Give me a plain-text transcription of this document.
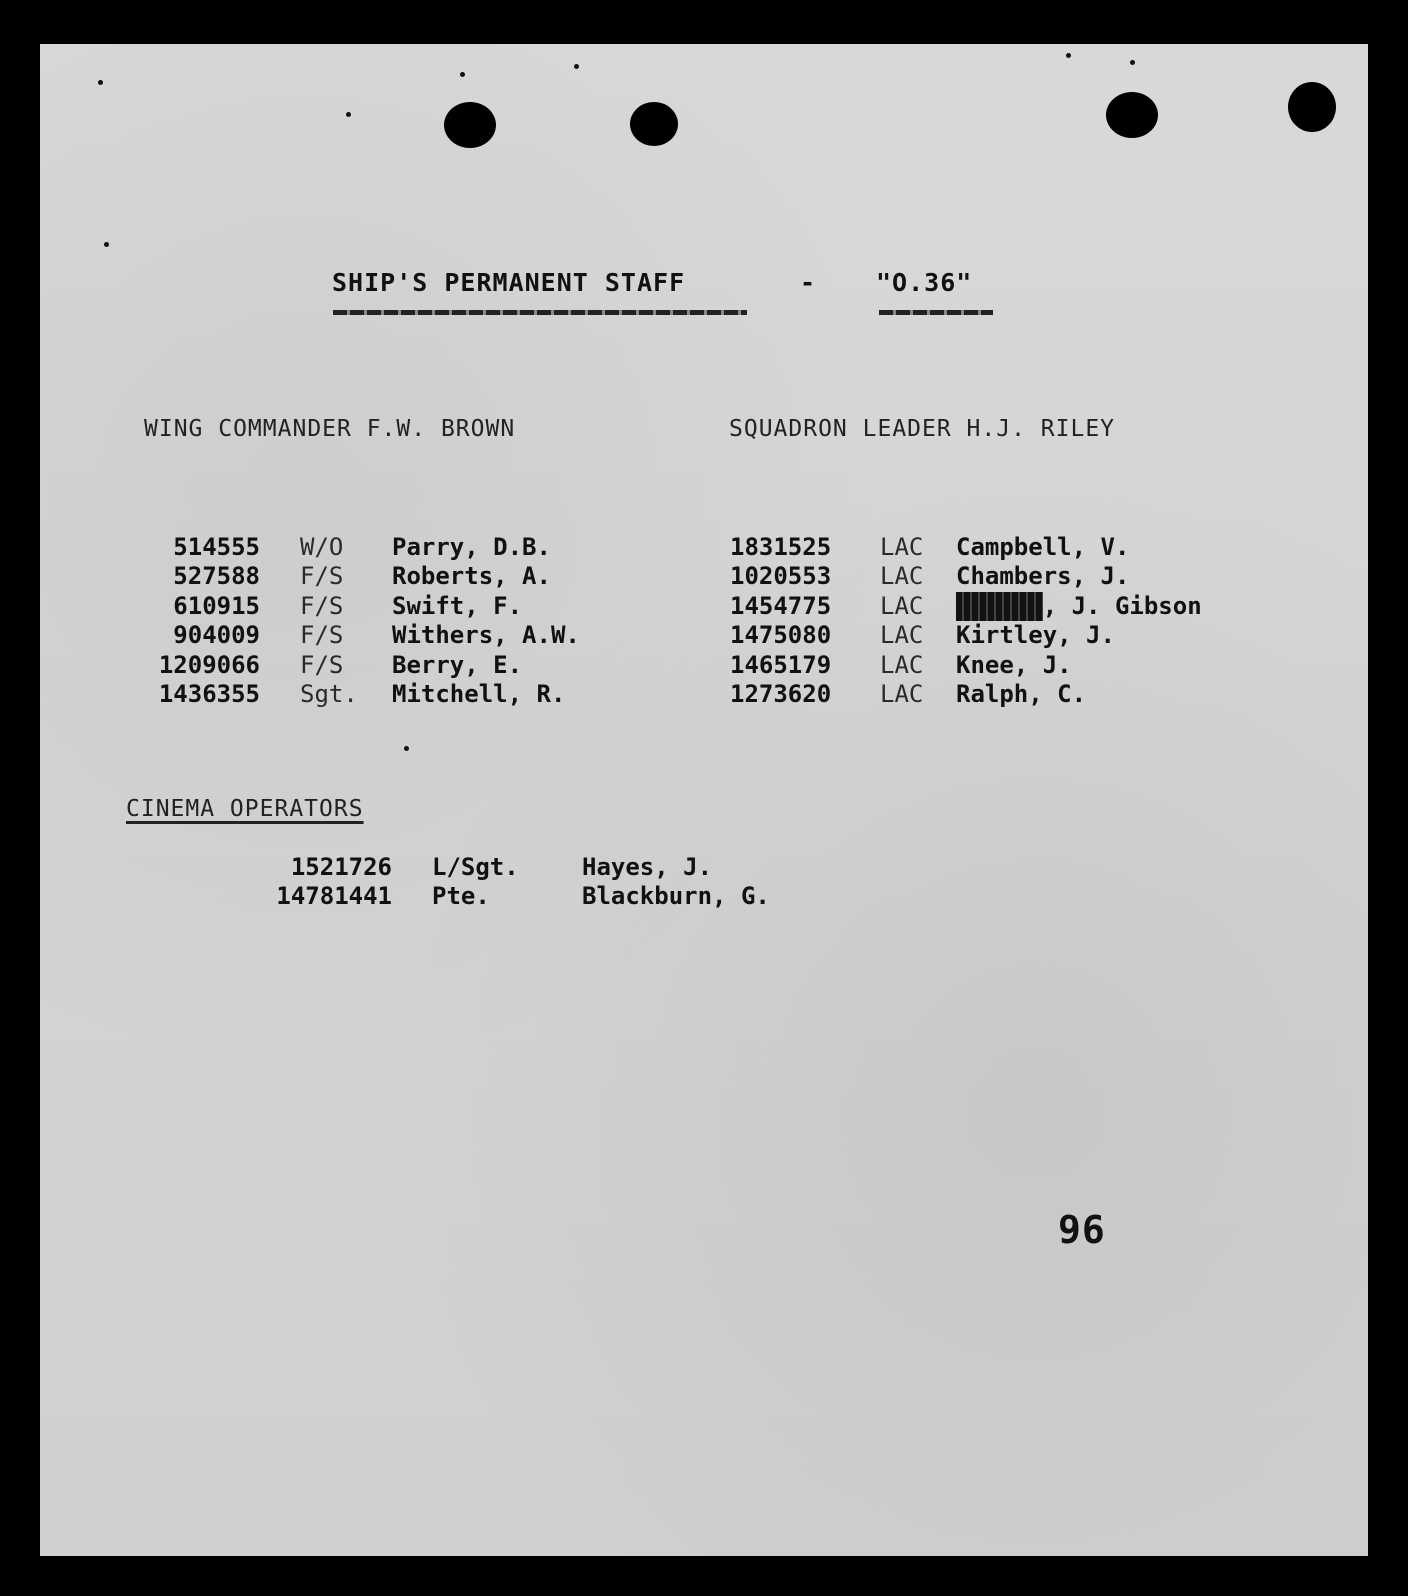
SHIP'S PERMANENT STAFF	- "O.36"
WING COMMANDER F.W. BROWN	SQUADRON LEADER H.J. RILEY
514555 W/O	Parry, D.B.
527588 F/S	Roberts, A.
610915 F/S	Swift, F.
904009 F/S	Withers, A.W.
1209066 F/S	Berry, E.
1436355 Sgt.	Mitchell, R.
1831525	LAC	Campbell, V.
1020553	LAC	Chambers, J.
1454775	LAC	, J. Gibson
1475080	LAC	Kirtley, J.
1465179	LAC	Knee, J.
1273620	LAC	Ralph, C.
CINEMA OPERATORS
1521726 L/Sgt.	Hayes, J.
14781441 Pte.	Blackburn, G.
96
